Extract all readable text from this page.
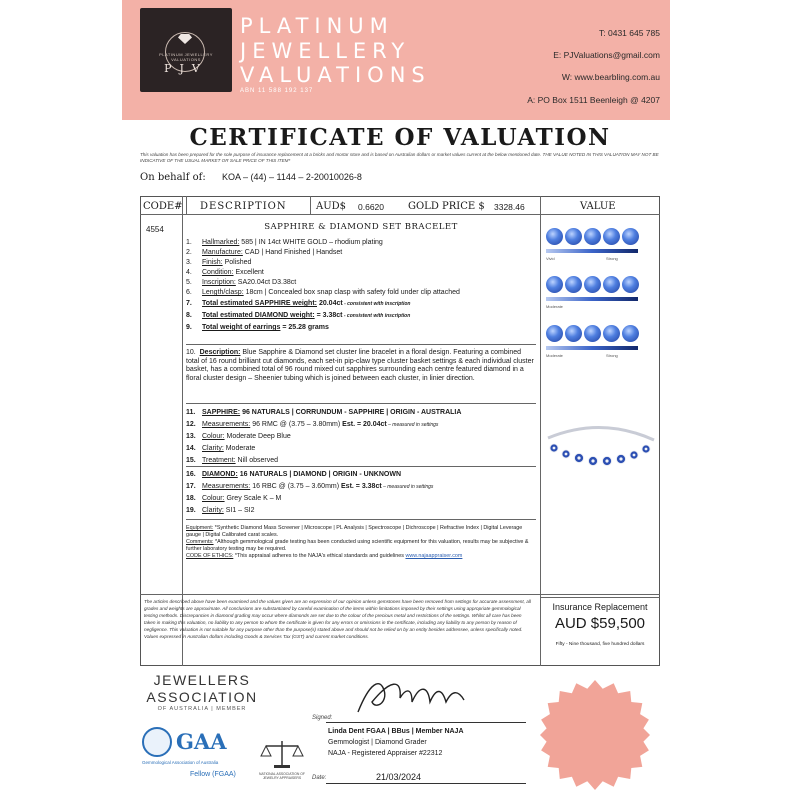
PLATINUM JEWELLERY VALUATIONS
PJV
PLATINUM
JEWELLERY
VALUATIONS
ABN 11 588 192 137
T: 0431 645 785
E: PJValuations@gmail.com
W: www.bearbling.com.au
A: PO Box 1511 Beenleigh @ 4207
CERTIFICATE OF VALUATION
This valuation has been prepared for the sole purpose of insurance replacement at a bricks and mortar store and is based on Australian dollars or market values current at the below mentioned date. THE VALUE NOTED IN THIS VALUATION MAY NOT BE INDICATIVE OF THE USUAL MARKET OR SALE PRICE OF THIS ITEM*
On behalf of: KOA – (44) – 1144 – 2-20010026-8
CODE# DESCRIPTION	AUD$ 0.6620 GOLD PRICE $ 3328.46	VALUE
4554	SAPPHIRE & DIAMOND SET BRACELET
1. Hallmarked: 585 | IN 14ct WHITE GOLD – rhodium plating
2. Manufacture: CAD | Hand Finished | Handset
3. Finish: Polished
4. Condition: Excellent
5. Inscription: SA20.04ct D3.38ct
6. Length/clasp: 18cm | Concealed box snap clasp with safety fold under clip attached
7. Total estimated SAPPHIRE weight: 20.04ct - consistent with inscription
8. Total estimated DIAMOND weight: = 3.38ct - consistent with inscription
9. Total weight of earrings = 25.28 grams
10. Description: Blue Sapphire & Diamond set cluster line bracelet in a floral design. Featuring a combined total of 16 round brilliant cut diamonds, each set-in pip-claw type cluster basket settings & each individual cluster basket, has a combined total of 96 round mixed cut sapphires surrounding each centre featured diamond in a floral cluster design – Sheenier tubing which is joined between each cluster, in linier direction.
11. SAPPHIRE: 96 NATURALS | CORRUNDUM - SAPPHIRE | ORIGIN - AUSTRALIA
12. Measurements: 96 RMC @ (3.75 – 3.80mm) Est. = 20.04ct – measured in settings
13. Colour: Moderate Deep Blue
14. Clarity: Moderate
15. Treatment: Nill observed
16. DIAMOND: 16 NATURALS | DIAMOND | ORIGIN - UNKNOWN
17. Measurements: 16 RBC @ (3.75 – 3.60mm) Est. = 3.38ct – measured in settings
18. Colour: Grey Scale K – M
19. Clarity: SI1 – SI2
Equipment: *Synthetic Diamond Mass Screener | Microscope | PL Analysis | Spectroscope | Dichroscope | Refractive Index | Digital Leverage gauge | Digital Calibrated carat scales.
Comments: *Although gemmological grade testing has been conducted using scientific equipment for this valuation, results may be subjective & further laboratory testing may be required.
CODE OF ETHICS: *This appraisal adheres to the NAJA's ethical standards and guidelines www.najaappraiser.com
Vivid	Strong
Moderate
Moderate	Strong
The articles described above have been examined and the values given are an expression of our opinion unless gemstones have been removed from settings for accurate assessment, all grades and weights are approximate. All conclusions are substantiated by careful examination of the items within limitations imposed by their settings using appropriate gemmological testing methods. Discrepancies in diamond grading may occur where diamonds are set due to the colour of the precious metal and restrictions of the settings. Whilst all care has been taken in making this valuation, no liability to any person to whom the certificate is given for any errors or omissions in the certificate, including any liability to any person by reason of negligence. This valuation is not suitable for any purpose other than the purpose(s) stated above and should not be relied on by an entity besides addressee, unless specifically noted. Values expressed in Australian dollars including Goods & Services Tax (GST) and current market conditions.
Insurance Replacement
AUD $59,500
Fifty - Nine thousand, five hundred dollars
JEWELLERS
ASSOCIATION
OF AUSTRALIA | MEMBER
GAA
Gemmological Association of Australia
Fellow (FGAA)	NATIONAL ASSOCIATION OF JEWELRY APPRAISERS
Signed:
Linda Dent FGAA | BBus | Member NAJA
Gemmologist | Diamond Grader
NAJA - Registered Appraiser #22312
Date:	21/03/2024
